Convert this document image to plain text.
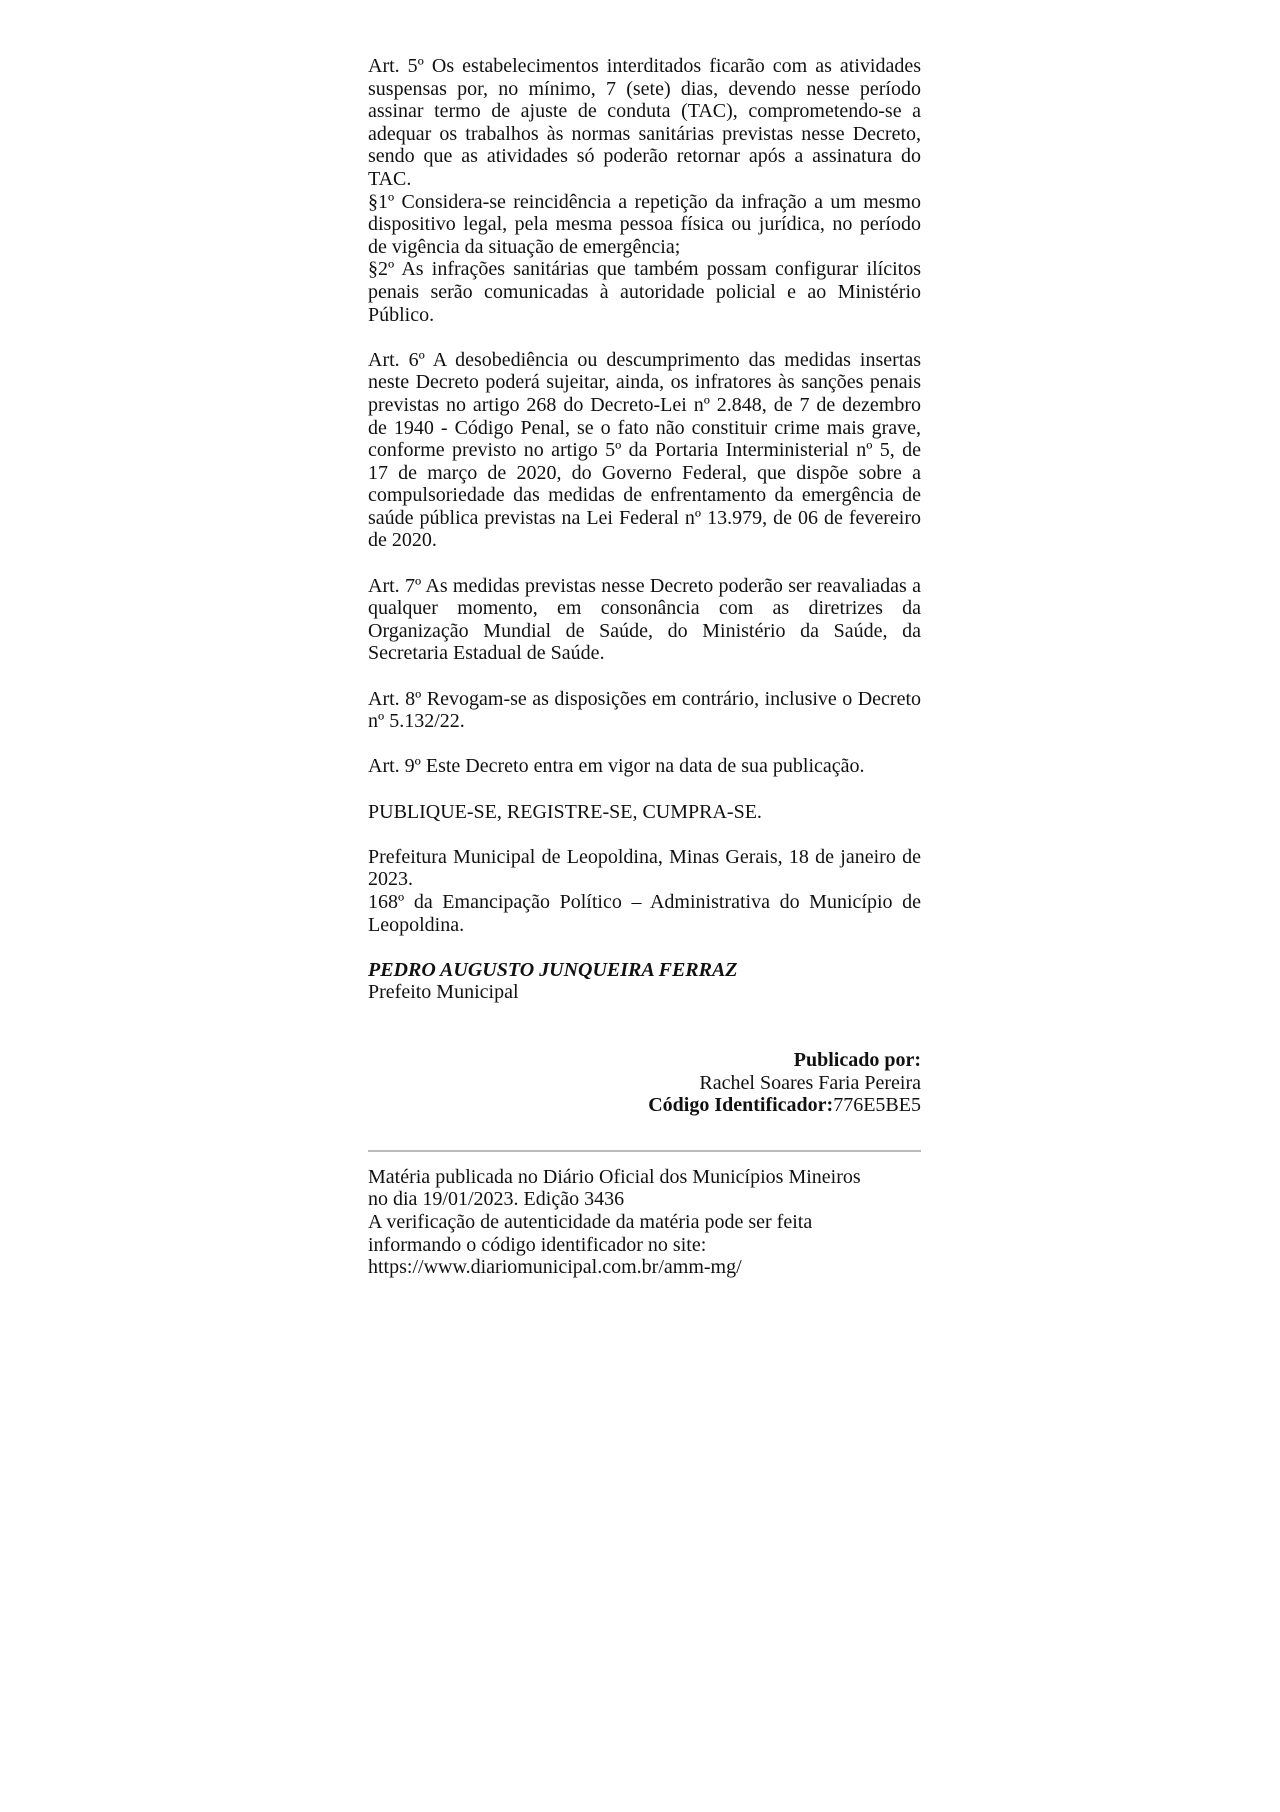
Art. 5º Os estabelecimentos interditados ficarão com as atividades suspensas por, no mínimo, 7 (sete) dias, devendo nesse período assinar termo de ajuste de conduta (TAC), comprometendo-se a adequar os trabalhos às normas sanitárias previstas nesse Decreto, sendo que as atividades só poderão retornar após a assinatura do TAC.

§1º Considera-se reincidência a repetição da infração a um mesmo dispositivo legal, pela mesma pessoa física ou jurídica, no período de vigência da situação de emergência;

§2º As infrações sanitárias que também possam configurar ilícitos penais serão comunicadas à autoridade policial e ao Ministério Público.

Art. 6º A desobediência ou descumprimento das medidas insertas neste Decreto poderá sujeitar, ainda, os infratores às sanções penais previstas no artigo 268 do Decreto-Lei nº 2.848, de 7 de dezembro de 1940 - Código Penal, se o fato não constituir crime mais grave, conforme previsto no artigo 5º da Portaria Interministerial nº 5, de 17 de março de 2020, do Governo Federal, que dispõe sobre a compulsoriedade das medidas de enfrentamento da emergência de saúde pública previstas na Lei Federal nº 13.979, de 06 de fevereiro de 2020.

Art. 7º As medidas previstas nesse Decreto poderão ser reavaliadas a qualquer momento, em consonância com as diretrizes da Organização Mundial de Saúde, do Ministério da Saúde, da Secretaria Estadual de Saúde.

Art. 8º Revogam-se as disposições em contrário, inclusive o Decreto nº 5.132/22.

Art. 9º Este Decreto entra em vigor na data de sua publicação.

PUBLIQUE-SE, REGISTRE-SE, CUMPRA-SE.

Prefeitura Municipal de Leopoldina, Minas Gerais, 18 de janeiro de 2023.

168º da Emancipação Político – Administrativa do Município de Leopoldina.

PEDRO AUGUSTO JUNQUEIRA FERRAZ

Prefeito Municipal

Publicado por:

Rachel Soares Faria Pereira

Código Identificador:776E5BE5

Matéria publicada no Diário Oficial dos Municípios Mineiros

no dia 19/01/2023. Edição 3436

A verificação de autenticidade da matéria pode ser feita

informando o código identificador no site:

https://www.diariomunicipal.com.br/amm-mg/
